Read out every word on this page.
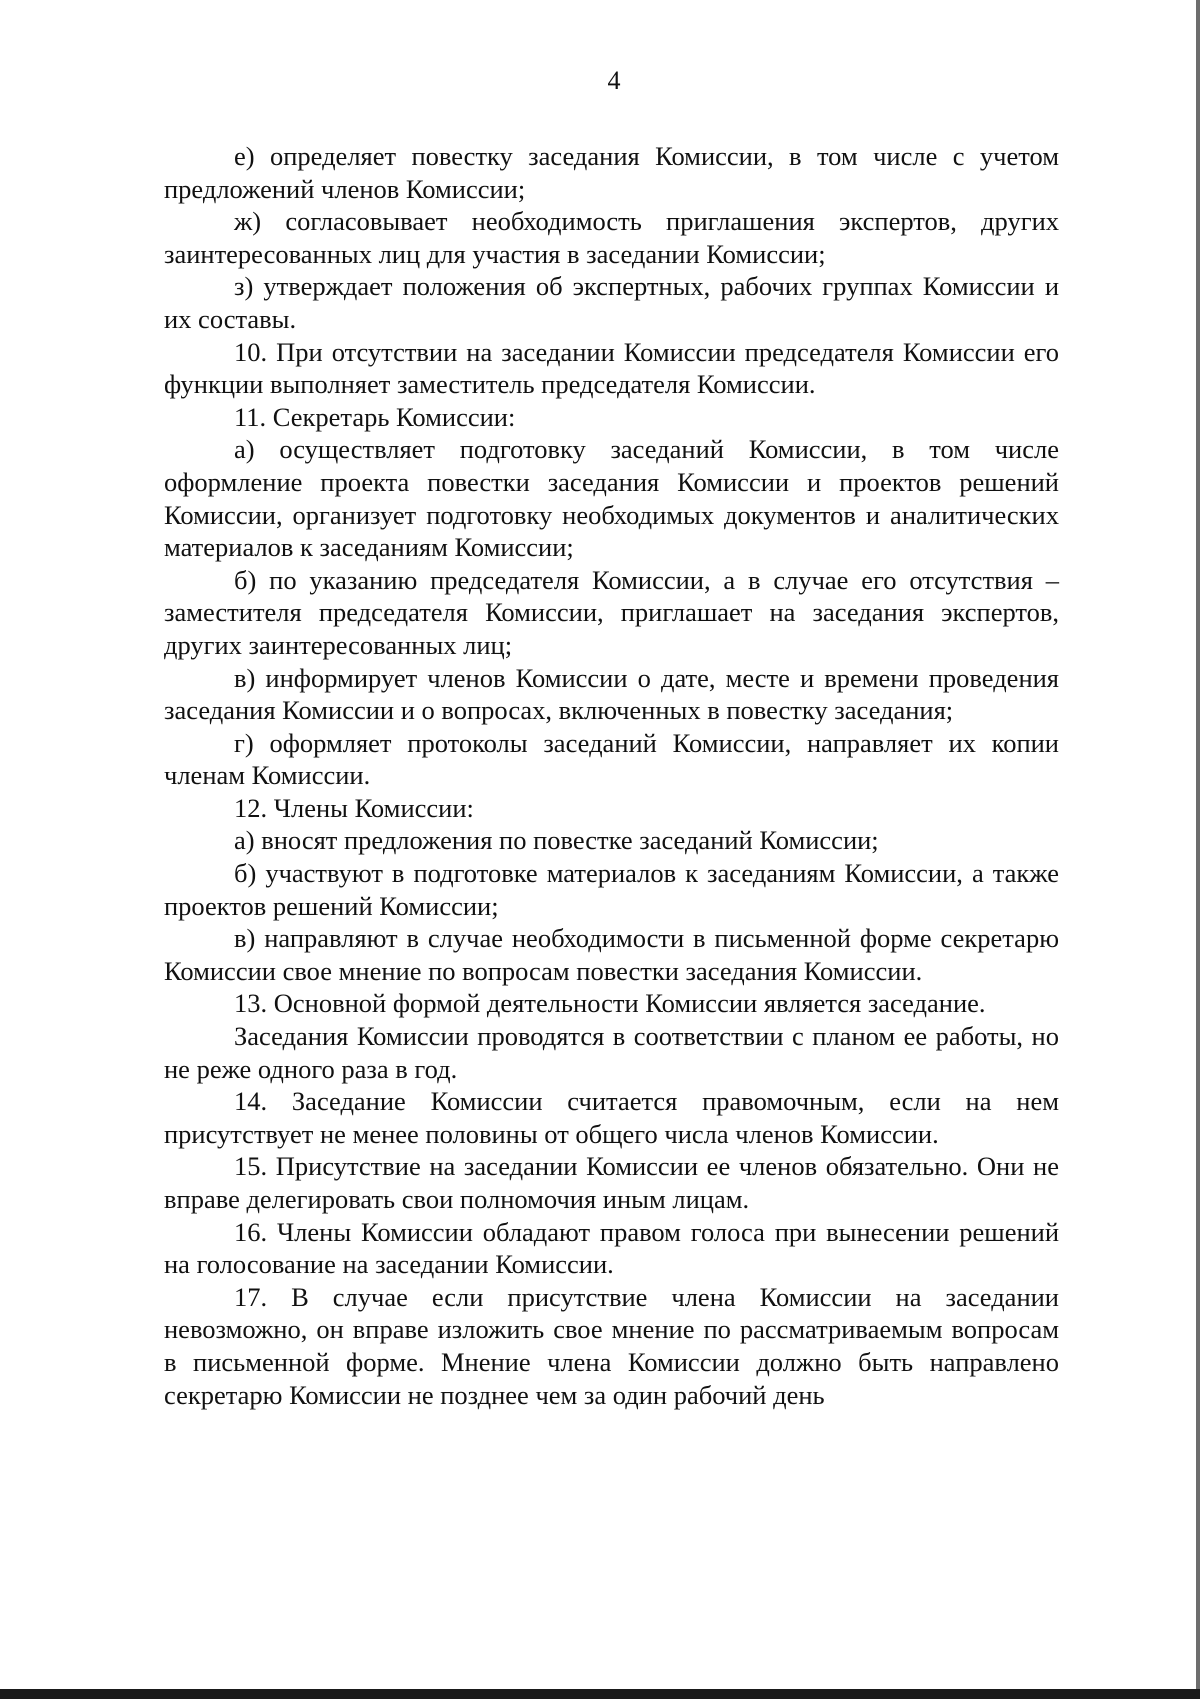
4

е) определяет повестку заседания Комиссии, в том числе с учетом предложений членов Комиссии;

ж) согласовывает необходимость приглашения экспертов, других заинтересованных лиц для участия в заседании Комиссии;

з) утверждает положения об экспертных, рабочих группах Комиссии и их составы.

10. При отсутствии на заседании Комиссии председателя Комиссии его функции выполняет заместитель председателя Комиссии.

11. Секретарь Комиссии:

а) осуществляет подготовку заседаний Комиссии, в том числе оформление проекта повестки заседания Комиссии и проектов решений Комиссии, организует подготовку необходимых документов и аналитических материалов к заседаниям Комиссии;

б) по указанию председателя Комиссии, а в случае его отсутствия – заместителя председателя Комиссии, приглашает на заседания экспертов, других заинтересованных лиц;

в) информирует членов Комиссии о дате, месте и времени проведения заседания Комиссии и о вопросах, включенных в повестку заседания;

г) оформляет протоколы заседаний Комиссии, направляет их копии членам Комиссии.

12. Члены Комиссии:

а) вносят предложения по повестке заседаний Комиссии;

б) участвуют в подготовке материалов к заседаниям Комиссии, а также проектов решений Комиссии;

в) направляют в случае необходимости в письменной форме секретарю Комиссии свое мнение по вопросам повестки заседания Комиссии.

13. Основной формой деятельности Комиссии является заседание.

Заседания Комиссии проводятся в соответствии с планом ее работы, но не реже одного раза в год.

14. Заседание Комиссии считается правомочным, если на нем присутствует не менее половины от общего числа членов Комиссии.

15. Присутствие на заседании Комиссии ее членов обязательно. Они не вправе делегировать свои полномочия иным лицам.

16. Члены Комиссии обладают правом голоса при вынесении решений на голосование на заседании Комиссии.

17. В случае если присутствие члена Комиссии на заседании невозможно, он вправе изложить свое мнение по рассматриваемым вопросам в письменной форме. Мнение члена Комиссии должно быть направлено секретарю Комиссии не позднее чем за один рабочий день
